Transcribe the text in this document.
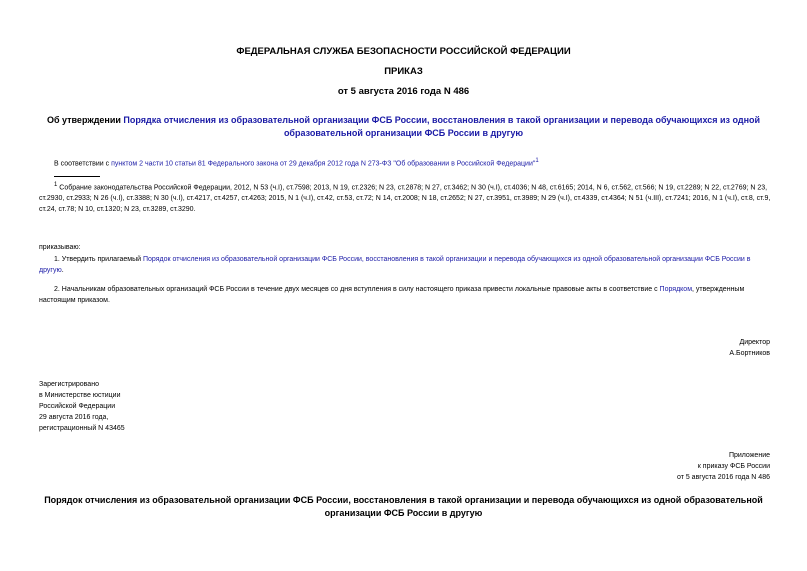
ФЕДЕРАЛЬНАЯ СЛУЖБА БЕЗОПАСНОСТИ РОССИЙСКОЙ ФЕДЕРАЦИИ
ПРИКАЗ
от 5 августа 2016 года N 486
Об утверждении Порядка отчисления из образовательной организации ФСБ России, восстановления в такой организации и перевода обучающихся из одной образовательной организации ФСБ России в другую
В соответствии с пунктом 2 части 10 статьи 81 Федерального закона от 29 декабря 2012 года N 273-ФЗ "Об образовании в Российской Федерации"$^1$
$^1$ Собрание законодательства Российской Федерации, 2012, N 53 (ч.I), ст.7598; 2013, N 19, ст.2326; N 23, ст.2878; N 27, ст.3462; N 30 (ч.I), ст.4036; N 48, ст.6165; 2014, N 6, ст.562, ст.566; N 19, ст.2289; N 22, ст.2769; N 23, ст.2930, ст.2933; N 26 (ч.I), ст.3388; N 30 (ч.I), ст.4217, ст.4257, ст.4263; 2015, N 1 (ч.I), ст.42, ст.53, ст.72; N 14, ст.2008; N 18, ст.2652; N 27, ст.3951, ст.3989; N 29 (ч.I), ст.4339, ст.4364; N 51 (ч.III), ст.7241; 2016, N 1 (ч.I), ст.8, ст.9, ст.24, ст.78; N 10, ст.1320; N 23, ст.3289, ст.3290.
приказываю:
1. Утвердить прилагаемый Порядок отчисления из образовательной организации ФСБ России, восстановления в такой организации и перевода обучающихся из одной образовательной организации ФСБ России в другую.
2. Начальникам образовательных организаций ФСБ России в течение двух месяцев со дня вступления в силу настоящего приказа привести локальные правовые акты в соответствие с Порядком, утвержденным настоящим приказом.
Директор
А.Бортников
Зарегистрировано
в Министерстве юстиции
Российской Федерации
29 августа 2016 года,
регистрационный N 43465
Приложение
к приказу ФСБ России
от 5 августа 2016 года N 486
Порядок отчисления из образовательной организации ФСБ России, восстановления в такой организации и перевода обучающихся из одной образовательной организации ФСБ России в другую
